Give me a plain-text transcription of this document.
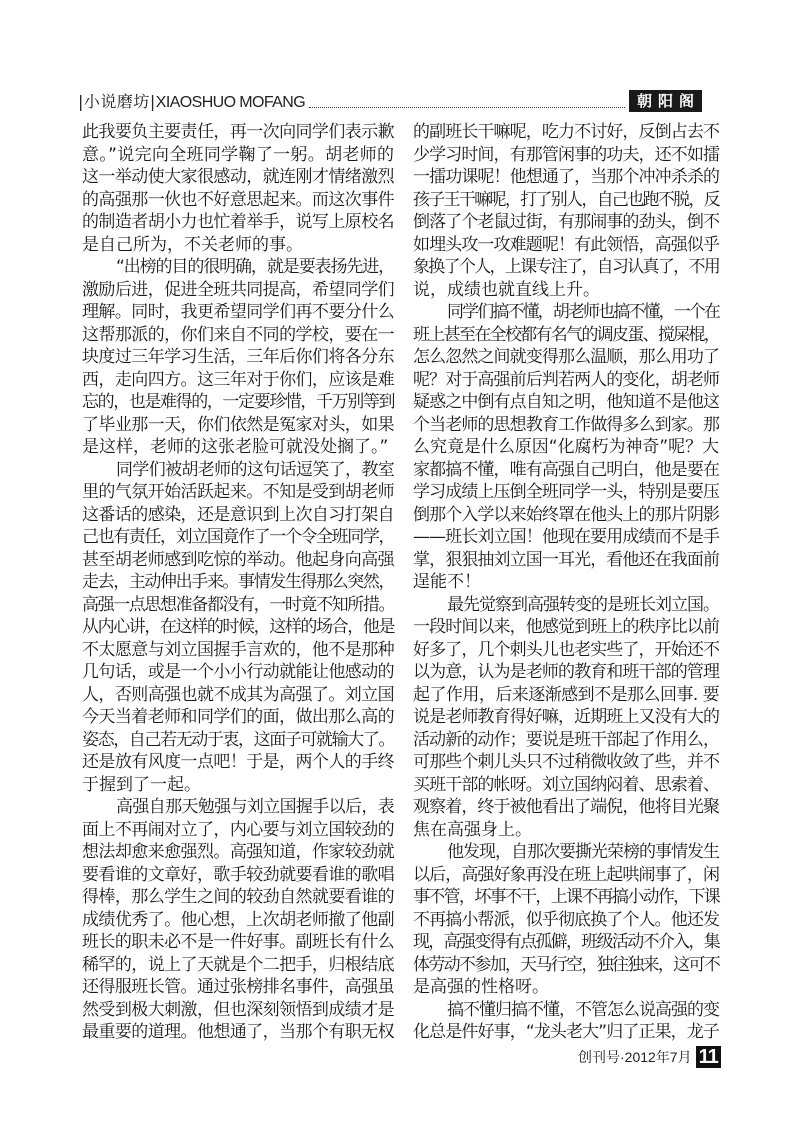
|小说磨坊| XIAOSHUO MOFANG	朝阳阁
此我要负主要责任，再一次向同学们表示歉
意。”说完向全班同学鞠了一躬。胡老师的
这一举动使大家很感动，就连刚才情绪激烈
的高强那一伙也不好意思起来。而这次事件
的制造者胡小力也忙着举手，说写上原校名
是自己所为，不关老师的事。
“出榜的目的很明确，就是要表扬先进，
激励后进，促进全班共同提高，希望同学们
理解。同时，我更希望同学们再不要分什么
这帮那派的，你们来自不同的学校，要在一
块度过三年学习生活，三年后你们将各分东
西，走向四方。这三年对于你们，应该是难
忘的，也是难得的，一定要珍惜，千万别等到
了毕业那一天，你们依然是冤家对头，如果
是这样，老师的这张老脸可就没处搁了。”
同学们被胡老师的这句话逗笑了，教室
里的气氛开始活跃起来。不知是受到胡老师
这番话的感染，还是意识到上次自习打架自
己也有责任，刘立国竟作了一个令全班同学，
甚至胡老师感到吃惊的举动。他起身向高强
走去，主动伸出手来。事情发生得那么突然，
高强一点思想准备都没有，一时竟不知所措。
从内心讲，在这样的时候，这样的场合，他是
不太愿意与刘立国握手言欢的，他不是那种
几句话，或是一个小小行动就能让他感动的
人，否则高强也就不成其为高强了。刘立国
今天当着老师和同学们的面，做出那么高的
姿态，自己若无动于衷，这面子可就输大了。
还是放有风度一点吧！于是，两个人的手终
于握到了一起。
高强自那天勉强与刘立国握手以后，表
面上不再闹对立了，内心要与刘立国较劲的
想法却愈来愈强烈。高强知道，作家较劲就
要看谁的文章好，歌手较劲就要看谁的歌唱
得棒，那么学生之间的较劲自然就要看谁的
成绩优秀了。他心想，上次胡老师撤了他副
班长的职未必不是一件好事。副班长有什么
稀罕的，说上了天就是个二把手，归根结底
还得服班长管。通过张榜排名事件，高强虽
然受到极大刺激，但也深刻领悟到成绩才是
最重要的道理。他想通了，当那个有职无权
的副班长干嘛呢，吃力不讨好，反倒占去不
少学习时间，有那管闲事的功夫，还不如擂
一擂功课呢！他想通了，当那个冲冲杀杀的
孩子王干嘛呢，打了别人，自己也跑不脱，反
倒落了个老鼠过街，有那闹事的劲头，倒不
如埋头攻一攻难题呢！有此领悟，高强似乎
象换了个人，上课专注了，自习认真了，不用
说，成绩也就直线上升。
同学们搞不懂，胡老师也搞不懂，一个在
班上甚至在全校都有名气的调皮蛋、搅屎棍，
怎么忽然之间就变得那么温顺，那么用功了
呢？对于高强前后判若两人的变化，胡老师
疑惑之中倒有点自知之明，他知道不是他这
个当老师的思想教育工作做得多么到家。那
么究竟是什么原因“化腐朽为神奇”呢？大
家都搞不懂，唯有高强自己明白，他是要在
学习成绩上压倒全班同学一头，特别是要压
倒那个入学以来始终罩在他头上的那片阴影
——班长刘立国！他现在要用成绩而不是手
掌，狠狠抽刘立国一耳光，看他还在我面前
逞能不！
最先觉察到高强转变的是班长刘立国。
一段时间以来，他感觉到班上的秩序比以前
好多了，几个刺头儿也老实些了，开始还不
以为意，认为是老师的教育和班干部的管理
起了作用，后来逐渐感到不是那么回事. 要
说是老师教育得好嘛，近期班上又没有大的
活动新的动作；要说是班干部起了作用么，
可那些个刺儿头只不过稍微收敛了些，并不
买班干部的帐呀。刘立国纳闷着、思索着、
观察着，终于被他看出了端倪，他将目光聚
焦在高强身上。
他发现，自那次要撕光荣榜的事情发生
以后，高强好象再没在班上起哄闹事了，闲
事不管，坏事不干，上课不再搞小动作，下课
不再搞小帮派，似乎彻底换了个人。他还发
现，高强变得有点孤僻，班级活动不介入，集
体劳动不参加，天马行空，独往独来，这可不
是高强的性格呀。
搞不懂归搞不懂，不管怎么说高强的变
化总是件好事，“龙头老大”归了正果，龙子
创刊号·2012年7月 11
